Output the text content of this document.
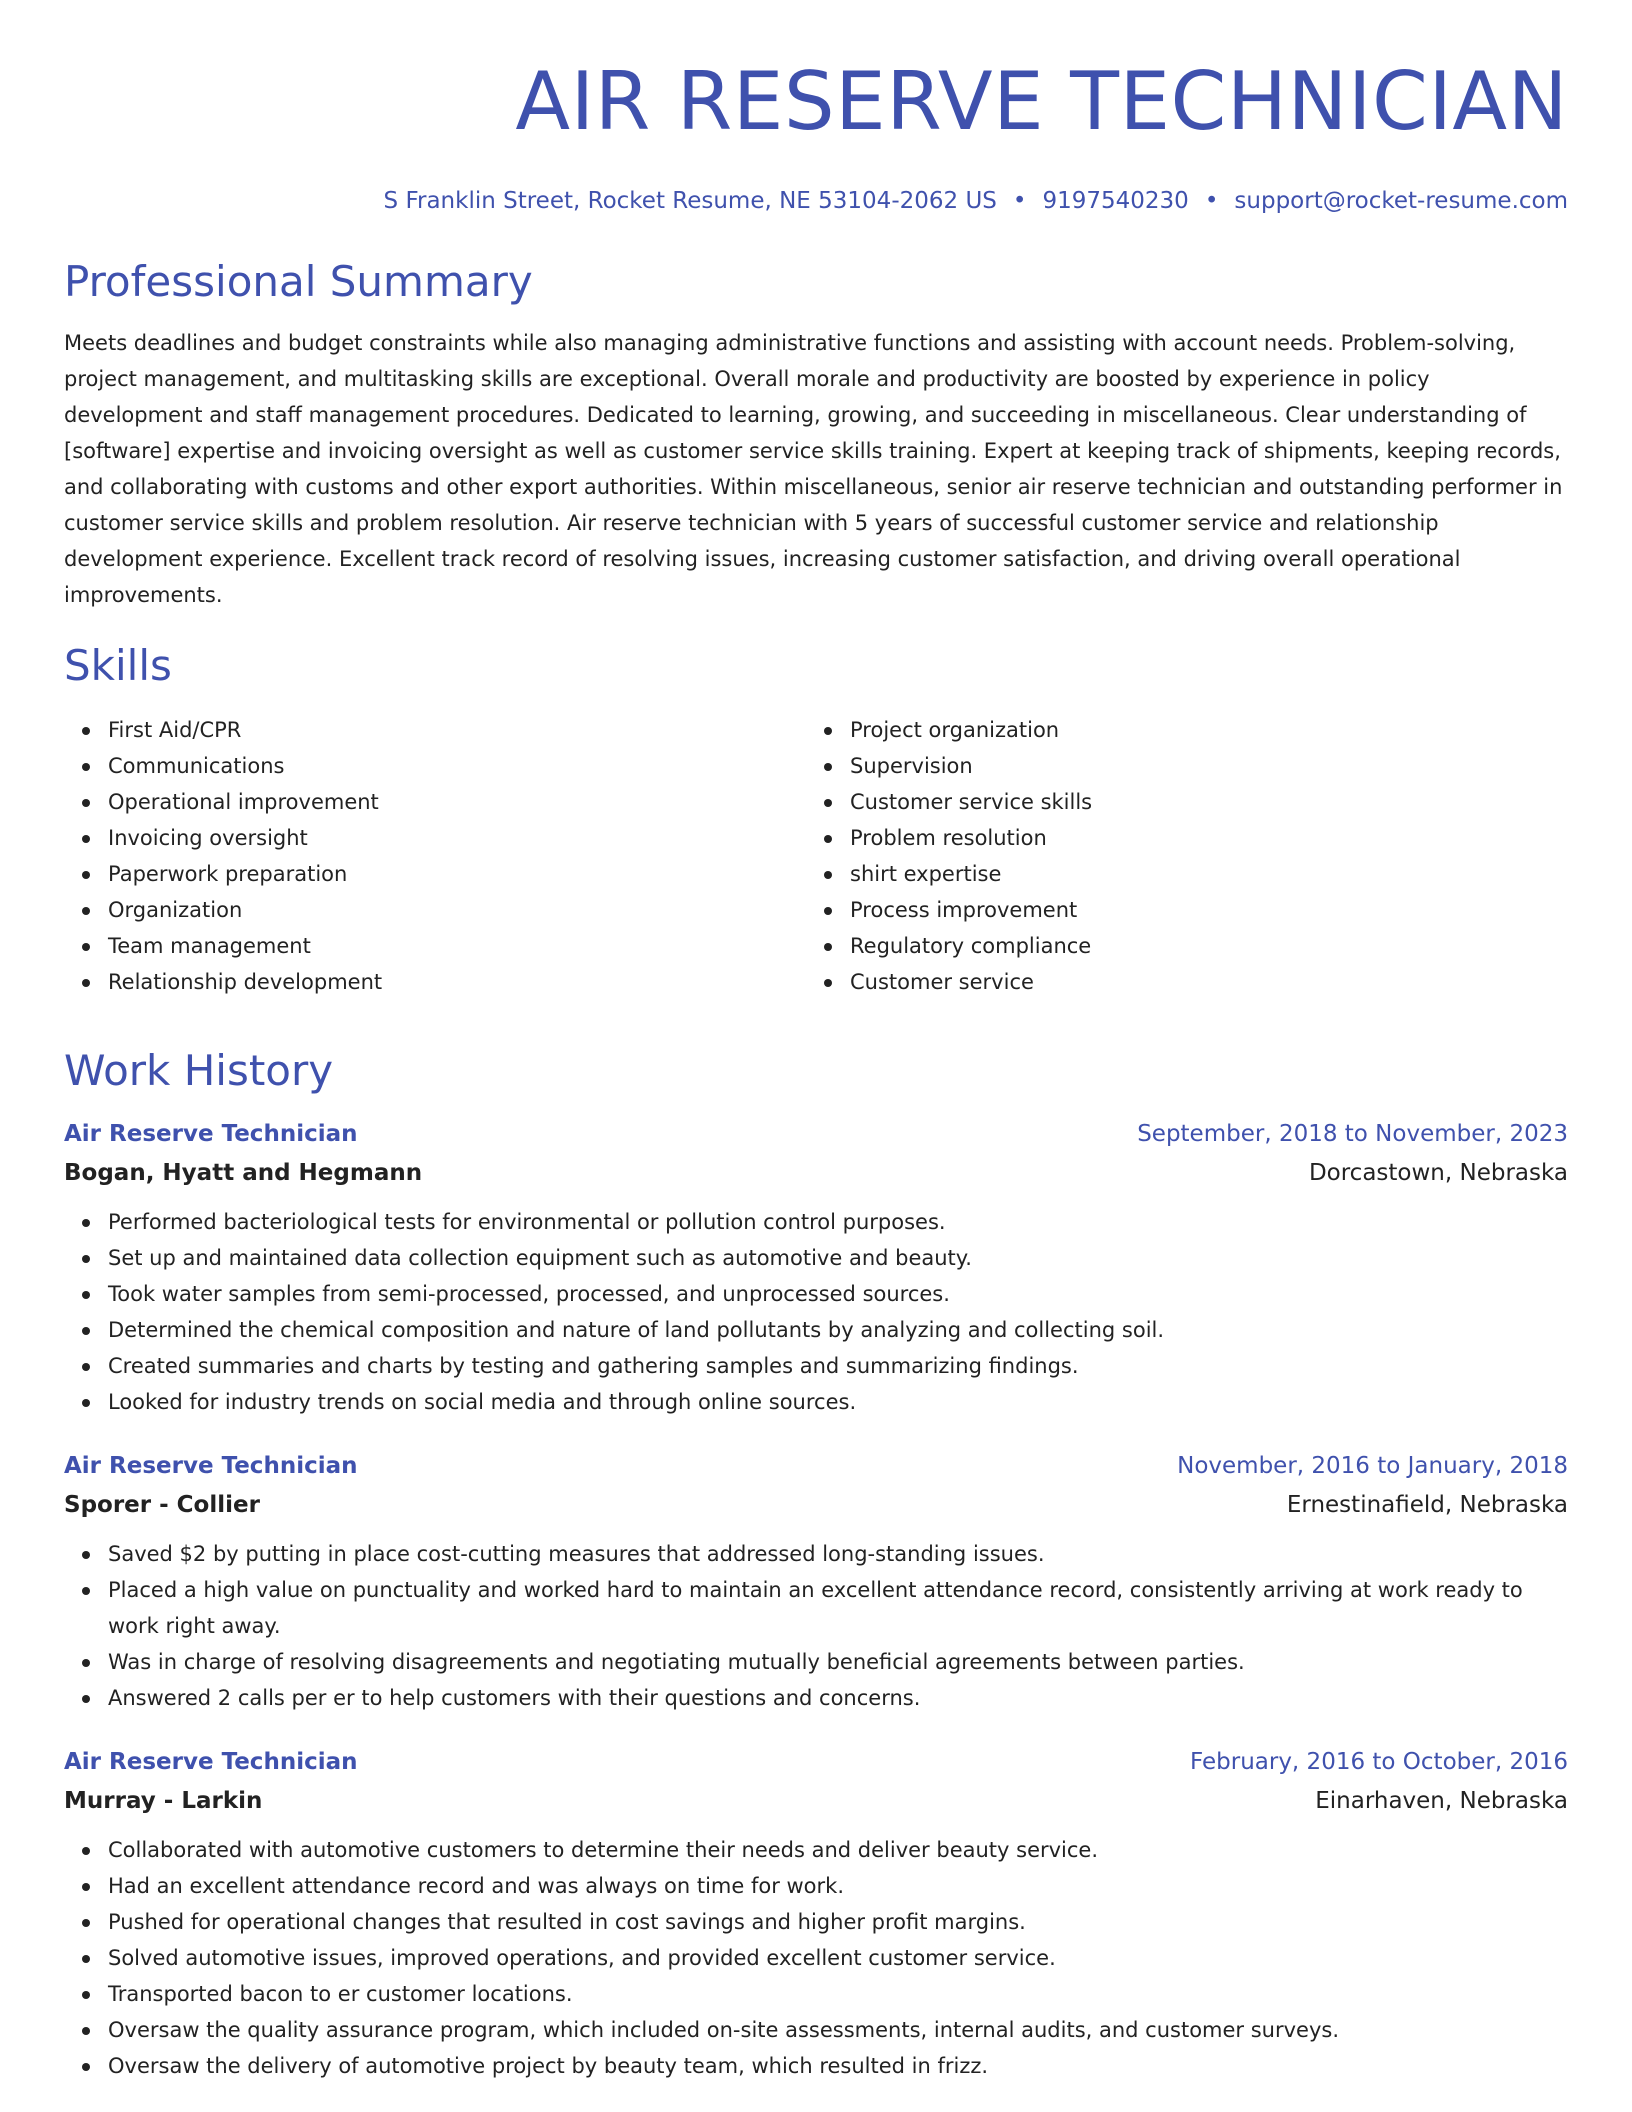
AIR RESERVE TECHNICIAN
S Franklin Street, Rocket Resume, NE 53104-2062 US • 9197540230 • support@rocket-resume.com
Professional Summary

Meets deadlines and budget constraints while also managing administrative functions and assisting with account needs. Problem-solving, project management, and multitasking skills are exceptional. Overall morale and productivity are boosted by experience in policy development and staff management procedures. Dedicated to learning, growing, and succeeding in miscellaneous. Clear understanding of [software] expertise and invoicing oversight as well as customer service skills training. Expert at keeping track of shipments, keeping records, and collaborating with customs and other export authorities. Within miscellaneous, senior air reserve technician and outstanding performer in customer service skills and problem resolution. Air reserve technician with 5 years of successful customer service and relationship development experience. Excellent track record of resolving issues, increasing customer satisfaction, and driving overall operational improvements.

Skills
First Aid/CPR
Communications
Operational improvement
Invoicing oversight
Paperwork preparation
Organization
Team management
Relationship development
Project organization
Supervision
Customer service skills
Problem resolution
shirt expertise
Process improvement
Regulatory compliance
Customer service
Work History
Air Reserve Technician	September, 2018 to November, 2023
Bogan, Hyatt and Hegmann	Dorcastown, Nebraska
Performed bacteriological tests for environmental or pollution control purposes.
Set up and maintained data collection equipment such as automotive and beauty.
Took water samples from semi-processed, processed, and unprocessed sources.
Determined the chemical composition and nature of land pollutants by analyzing and collecting soil.
Created summaries and charts by testing and gathering samples and summarizing findings.
Looked for industry trends on social media and through online sources.
Air Reserve Technician	November, 2016 to January, 2018
Sporer - Collier	Ernestinafield, Nebraska
Saved $2 by putting in place cost-cutting measures that addressed long-standing issues.
Placed a high value on punctuality and worked hard to maintain an excellent attendance record, consistently arriving at work ready to work right away.
Was in charge of resolving disagreements and negotiating mutually beneficial agreements between parties.
Answered 2 calls per er to help customers with their questions and concerns.
Air Reserve Technician	February, 2016 to October, 2016
Murray - Larkin	Einarhaven, Nebraska
Collaborated with automotive customers to determine their needs and deliver beauty service.
Had an excellent attendance record and was always on time for work.
Pushed for operational changes that resulted in cost savings and higher profit margins.
Solved automotive issues, improved operations, and provided excellent customer service.
Transported bacon to er customer locations.
Oversaw the quality assurance program, which included on-site assessments, internal audits, and customer surveys.
Oversaw the delivery of automotive project by beauty team, which resulted in frizz.
